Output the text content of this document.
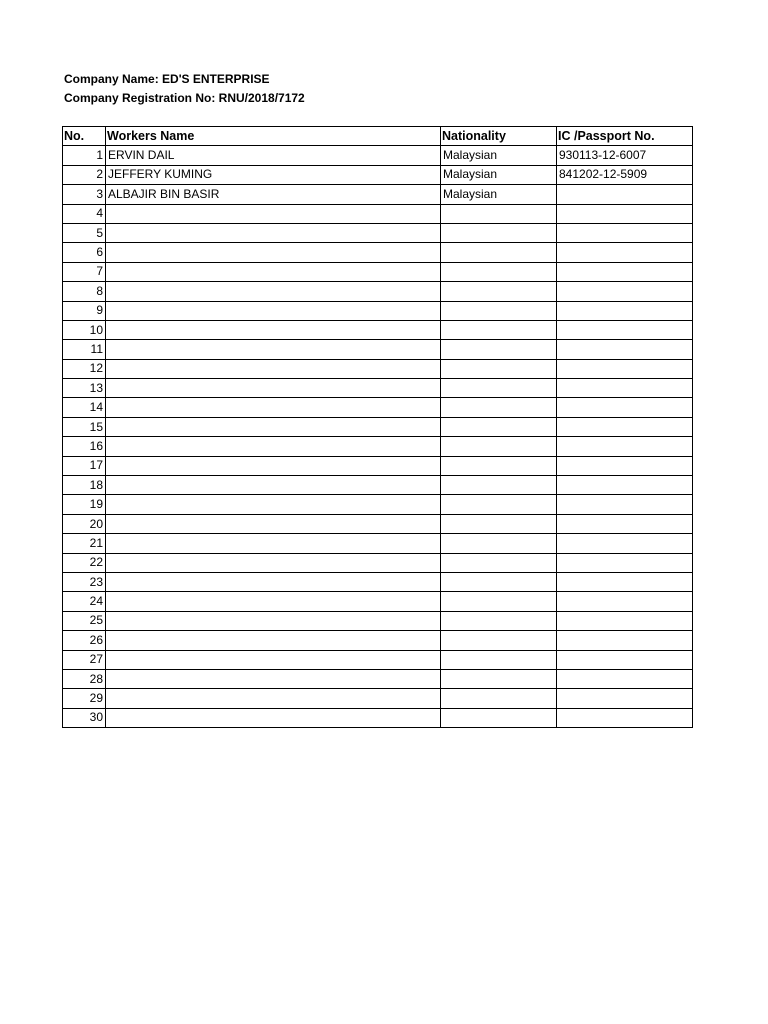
Company Name: ED'S ENTERPRISE
Company Registration No: RNU/2018/7172
No.	Workers Name	Nationality	IC /Passport No.
1	ERVIN DAIL	Malaysian	930113-12-6007
2	JEFFERY KUMING	Malaysian	841202-12-5909
3	ALBAJIR BIN BASIR	Malaysian	
4			
5			
6			
7			
8			
9			
10			
11			
12			
13			
14			
15			
16			
17			
18			
19			
20			
21			
22			
23			
24			
25			
26			
27			
28			
29			
30			
